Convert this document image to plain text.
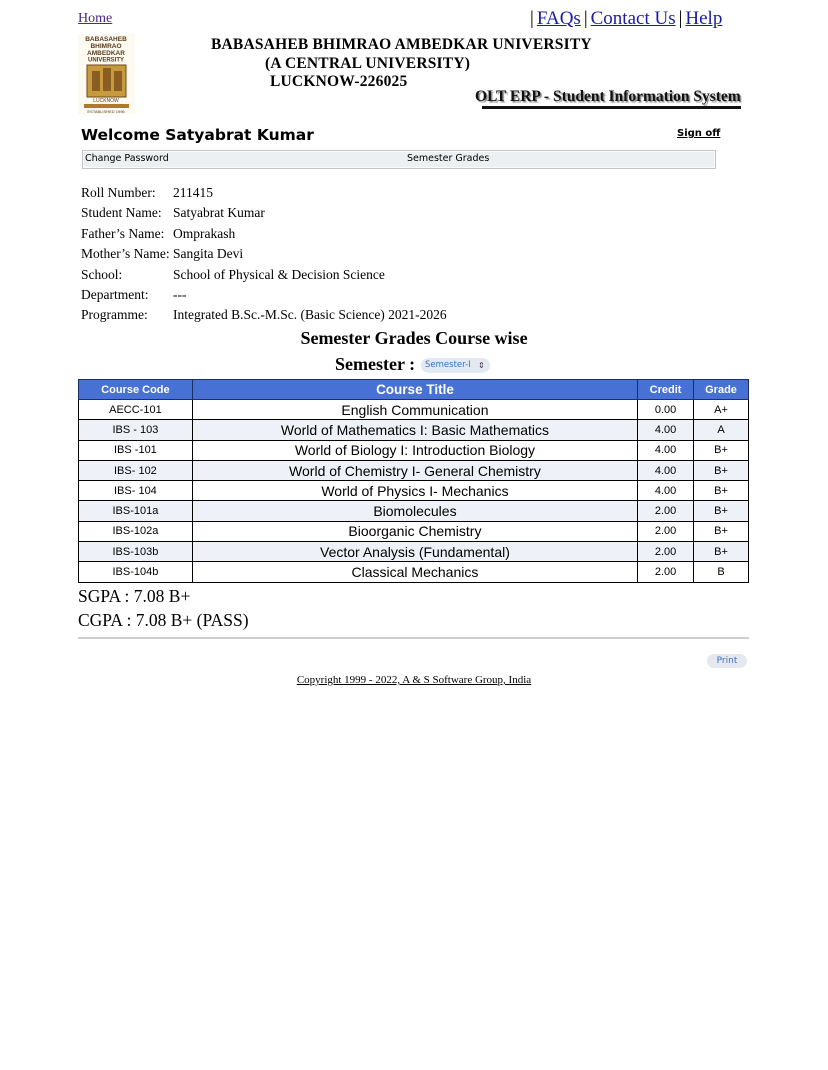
Home	| FAQs | Contact Us | Help
BABASAHEB
BHIMRAO
AMBEDKAR
UNIVERSITY
LUCKNOW
ESTABLISHED 1996
BABASAHEB BHIMRAO AMBEDKAR UNIVERSITY
(A CENTRAL UNIVERSITY)
LUCKNOW-226025
OLT ERP - Student Information System
Welcome Satyabrat Kumar	Sign off
Change Password	Semester Grades
Roll Number: 211415
Student Name: Satyabrat Kumar
Father’s Name: Omprakash
Mother’s Name: Sangita Devi
School:	School of Physical & Decision Science
Department: ---
Programme: Integrated B.Sc.-M.Sc. (Basic Science) 2021-2026
Semester Grades Course wise
Semester : Semester-I ⇕
Course Code	Course Title	Credit	Grade
AECC-101	English Communication	0.00	A+
IBS - 103	World of Mathematics I: Basic Mathematics	4.00	A
IBS -101	World of Biology I: Introduction Biology	4.00	B+
IBS- 102	World of Chemistry I- General Chemistry	4.00	B+
IBS- 104	World of Physics I- Mechanics	4.00	B+
IBS-101a	Biomolecules	2.00	B+
IBS-102a	Bioorganic Chemistry	2.00	B+
IBS-103b	Vector Analysis (Fundamental)	2.00	B+
IBS-104b	Classical Mechanics	2.00	B
SGPA : 7.08 B+
CGPA : 7.08 B+ (PASS)
Print
Copyright 1999 - 2022, A & S Software Group, India
